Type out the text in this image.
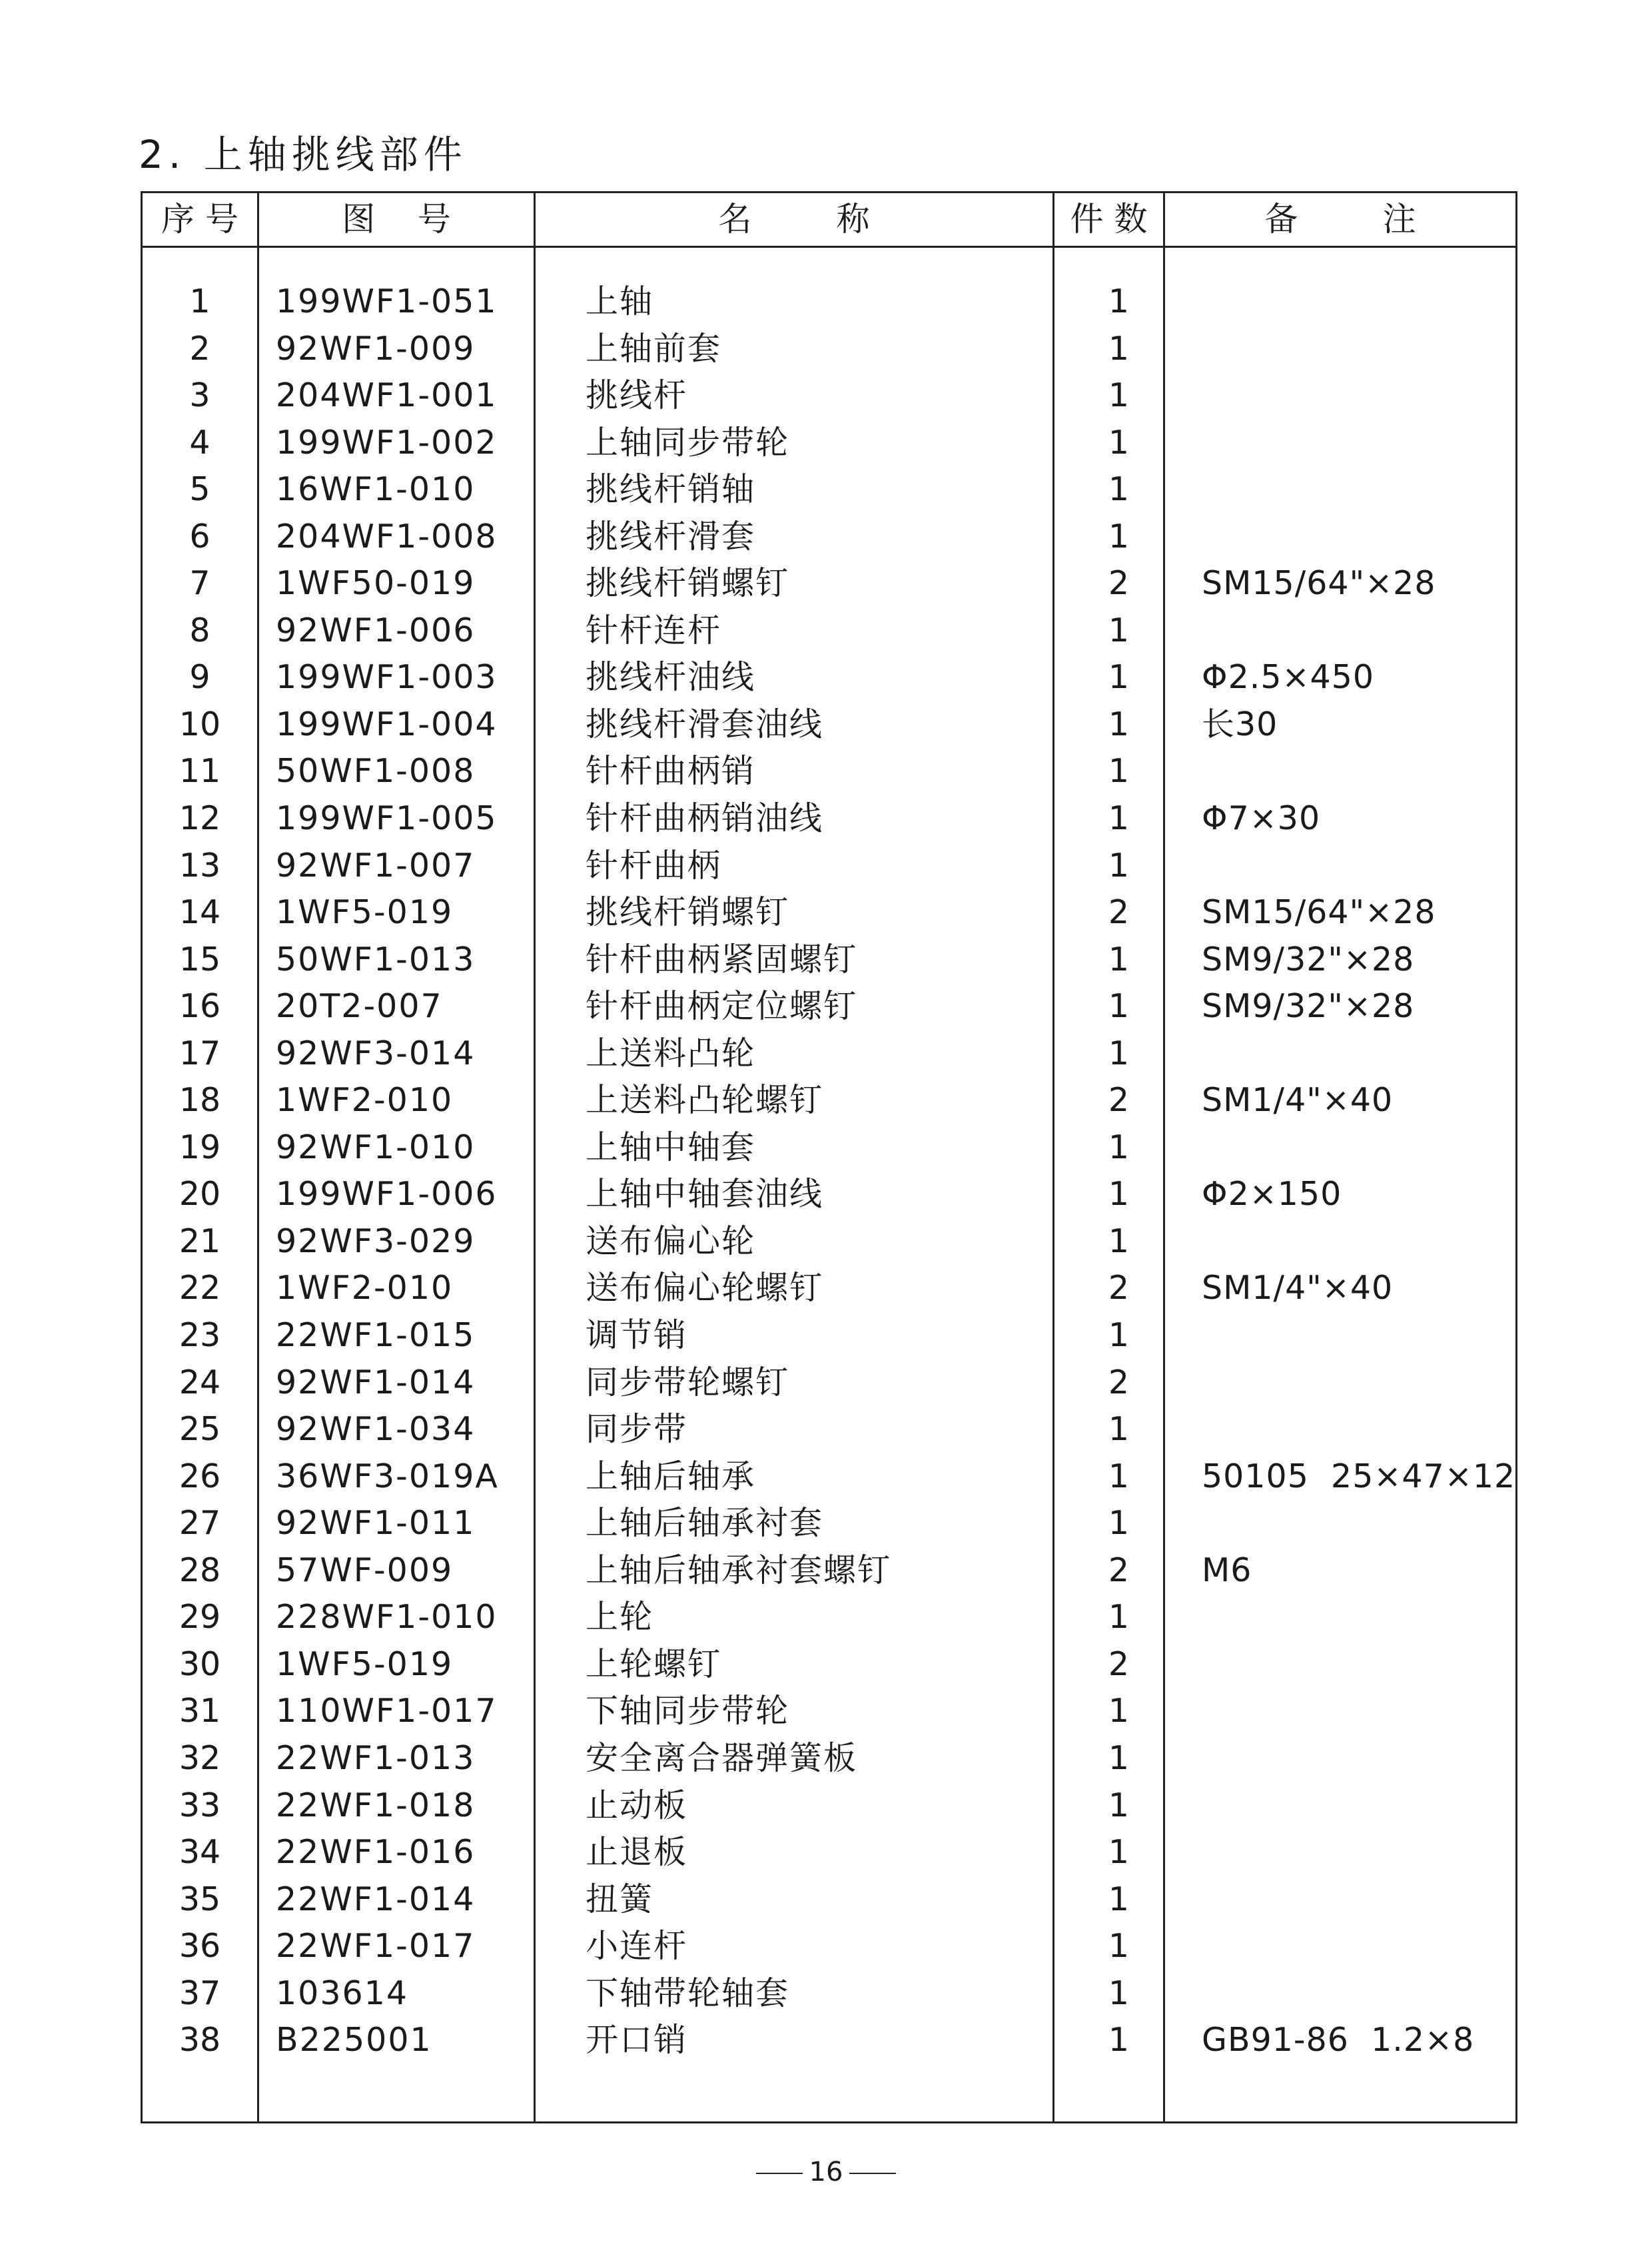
2. 上轴挑线部件
序 号	图    号	名        称	件 数	备        注
1	199WF1-051	上轴	1
2	92WF1-009	上轴前套	1
3	204WF1-001	挑线杆	1
4	199WF1-002	上轴同步带轮	1
5	16WF1-010	挑线杆销轴	1
6	204WF1-008	挑线杆滑套	1
7	1WF50-019	挑线杆销螺钉	2	SM15/64"×28
8	92WF1-006	针杆连杆	1
9	199WF1-003	挑线杆油线	1	Φ2.5×450
10	199WF1-004	挑线杆滑套油线	1	长30
11	50WF1-008	针杆曲柄销	1
12	199WF1-005	针杆曲柄销油线	1	Φ7×30
13	92WF1-007	针杆曲柄	1
14	1WF5-019	挑线杆销螺钉	2	SM15/64"×28
15	50WF1-013	针杆曲柄紧固螺钉	1	SM9/32"×28
16	20T2-007	针杆曲柄定位螺钉	1	SM9/32"×28
17	92WF3-014	上送料凸轮	1
18	1WF2-010	上送料凸轮螺钉	2	SM1/4"×40
19	92WF1-010	上轴中轴套	1
20	199WF1-006	上轴中轴套油线	1	Φ2×150
21	92WF3-029	送布偏心轮	1
22	1WF2-010	送布偏心轮螺钉	2	SM1/4"×40
23	22WF1-015	调节销	1
24	92WF1-014	同步带轮螺钉	2
25	92WF1-034	同步带	1
26	36WF3-019A	上轴后轴承	1	50105  25×47×12
27	92WF1-011	上轴后轴承衬套	1
28	57WF-009	上轴后轴承衬套螺钉	2	M6
29	228WF1-010	上轮	1
30	1WF5-019	上轮螺钉	2
31	110WF1-017	下轴同步带轮	1
32	22WF1-013	安全离合器弹簧板	1
33	22WF1-018	止动板	1
34	22WF1-016	止退板	1
35	22WF1-014	扭簧	1
36	22WF1-017	小连杆	1
37	103614	下轴带轮轴套	1
38	B225001	开口销	1	GB91-86  1.2×8
16
